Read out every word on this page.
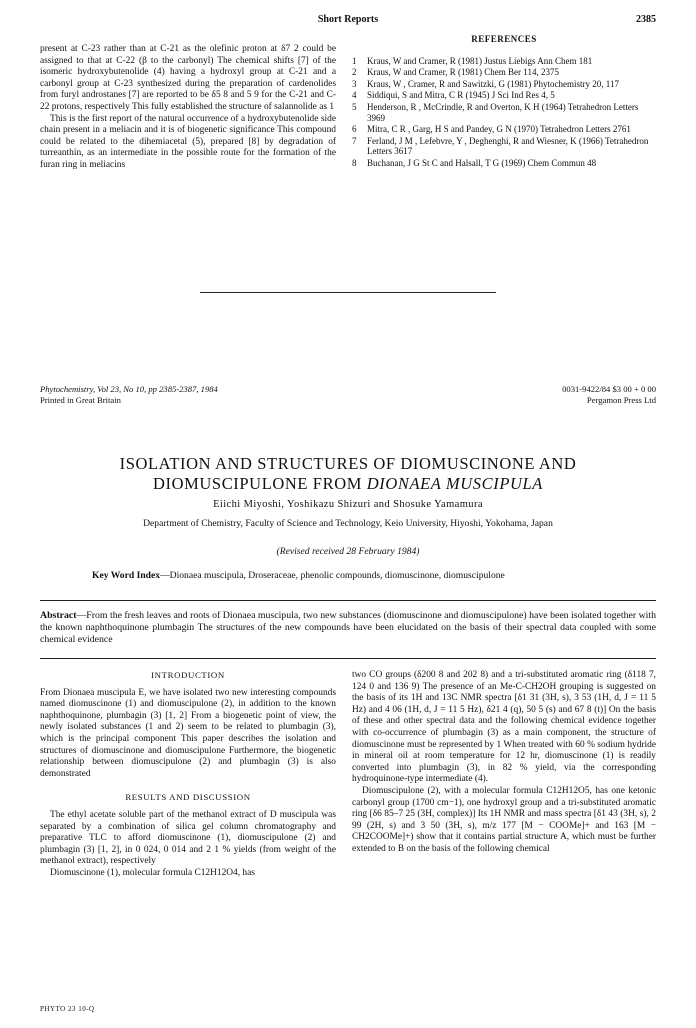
Short Reports	2385

present at C-23 rather than at C-21 as the olefinic proton at δ7 2 could be assigned to that at C-22 (β to the carbonyl) The chemical shifts [7] of the isomeric hydroxybutenolide (4) having a hydroxyl group at C-21 and a carbonyl group at C-23 synthesized during the preparation of cardenolides from furyl androstanes [7] are reported to be δ5 8 and 5 9 for the C-21 and C-22 protons, respectively This fully established the structure of salannolide as 1

This is the first report of the natural occurrence of a hydroxybutenolide side chain present in a meliacin and it is of biogenetic significance This compound could be related to the dihemiacetal (5), prepared [8] by degradation of turreanthin, as an intermediate in the possible route for the formation of the furan ring in meliacins

REFERENCES
1 Kraus, W and Cramer, R (1981) Justus Liebigs Ann Chem 181
2 Kraus, W and Cramer, R (1981) Chem Ber 114, 2375
3 Kraus, W , Cramer, R and Sawitzki, G (1981) Phytochemistry 20, 117
4 Siddiqui, S and Mitra, C R (1945) J Sci Ind Res 4, 5
5 Henderson, R , McCrindle, R and Overton, K H (1964) Tetrahedron Letters 3969
6 Mitra, C R , Garg, H S and Pandey, G N (1970) Tetrahedron Letters 2761
7 Ferland, J M , Lefebvre, Y , Deghenghi, R and Wiesner, K (1966) Tetrahedron Letters 3617
8 Buchanan, J G St C and Halsall, T G (1969) Chem Commun 48
Phytochemistry, Vol 23, No 10, pp 2385-2387, 1984
Printed in Great Britain
0031-9422/84 $3 00 + 0 00
Pergamon Press Ltd
ISOLATION AND STRUCTURES OF DIOMUSCINONE AND
DIOMUSCIPULONE FROM DIONAEA MUSCIPULA
Eiichi Miyoshi, Yoshikazu Shizuri and Shosuke Yamamura
Department of Chemistry, Faculty of Science and Technology, Keio University, Hiyoshi, Yokohama, Japan
(Revised received 28 February 1984)
Key Word Index—Dionaea muscipula, Droseraceae, phenolic compounds, diomuscinone, diomuscipulone
Abstract—From the fresh leaves and roots of Dionaea muscipula, two new substances (diomuscinone and diomuscipulone) have been isolated together with the known naphthoquinone plumbagin The structures of the new compounds have been elucidated on the basis of their spectral data coupled with some chemical evidence
INTRODUCTION

From Dionaea muscipula E, we have isolated two new interesting compounds named diomuscinone (1) and diomuscipulone (2), in addition to the known naphthoquinone, plumbagin (3) [1, 2] From a biogenetic point of view, the newly isolated substances (1 and 2) seem to be related to plumbagin (3), which is the principal component This paper describes the isolation and structures of diomuscinone and diomuscipulone Furthermore, the biogenetic relationship between diomuscipulone (2) and plumbagin (3) is also demonstrated

RESULTS AND DISCUSSION

The ethyl acetate soluble part of the methanol extract of D muscipula was separated by a combination of silica gel column chromatography and preparative TLC to afford diomuscinone (1), diomuscipulone (2) and plumbagin (3) [1, 2], in 0 024, 0 014 and 2 1 % yields (from weight of the methanol extract), respectively

Diomuscinone (1), molecular formula C12H12O4, has

two CO groups (δ200 8 and 202 8) and a tri-substituted aromatic ring (δ118 7, 124 0 and 136 9) The presence of an Me-C-CH2OH grouping is suggested on the basis of its 1H and 13C NMR spectra [δ1 31 (3H, s), 3 53 (1H, d, J = 11 5 Hz) and 4 06 (1H, d, J = 11 5 Hz), δ21 4 (q), 50 5 (s) and 67 8 (t)] On the basis of these and other spectral data and the following chemical evidence together with co-occurrence of plumbagin (3) as a main component, the structure of diomuscinone must be represented by 1 When treated with 60 % sodium hydride in mineral oil at room temperature for 12 hr, diomuscinone (1) is readily converted into plumbagin (3), in 82 % yield, via the corresponding hydroquinone-type intermediate (4).

Diomuscipulone (2), with a molecular formula C12H12O5, has one ketonic carbonyl group (1700 cm−1), one hydroxyl group and a tri-substituted aromatic ring [δ6 85–7 25 (3H, complex)] Its 1H NMR and mass spectra [δ1 43 (3H, s), 2 99 (2H, s) and 3 50 (3H, s), m/z 177 [M − COOMe]+ and 163 [M − CH2COOMe]+) show that it contains partial structure A, which must be further extended to B on the basis of the following chemical

PHYTO 23 10-Q
